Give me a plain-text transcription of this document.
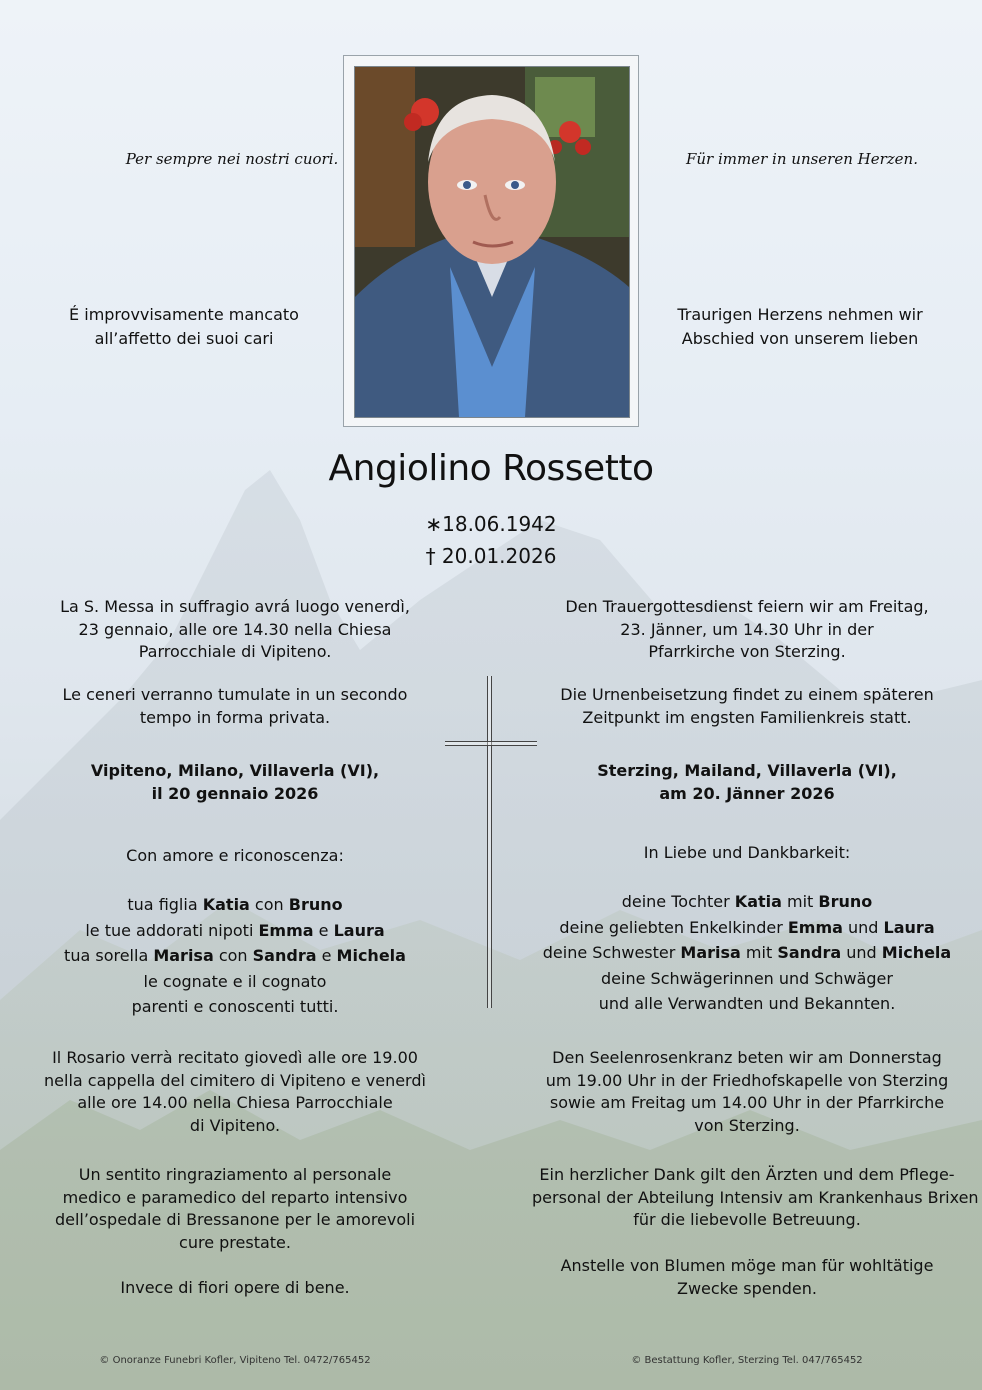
Per sempre nei nostri cuori.	Für immer in unseren Herzen.
É improvvisamente mancato
all’affetto dei suoi cari
Traurigen Herzens nehmen wir
Abschied von unserem lieben
Angiolino Rossetto
∗18.06.1942
† 20.01.2026
La S. Messa in suffragio avrá luogo venerdì,
23 gennaio, alle ore 14.30 nella Chiesa
Parrocchiale di Vipiteno.
Le ceneri verranno tumulate in un secondo
tempo in forma privata.
Vipiteno, Milano, Villaverla (VI),
il 20 gennaio 2026
Con amore e riconoscenza:
tua figlia Katia con Bruno
le tue addorati nipoti Emma e Laura
tua sorella Marisa con Sandra e Michela
le cognate e il cognato
parenti e conoscenti tutti.
Il Rosario verrà recitato giovedì alle ore 19.00
nella cappella del cimitero di Vipiteno e venerdì
alle ore 14.00 nella Chiesa Parrocchiale
di Vipiteno.
Un sentito ringraziamento al personale
medico e paramedico del reparto intensivo
dell’ospedale di Bressanone per le amorevoli
cure prestate.
Invece di fiori opere di bene.
Den Trauergottesdienst feiern wir am Freitag,
23. Jänner, um 14.30 Uhr in der
Pfarrkirche von Sterzing.
Die Urnenbeisetzung findet zu einem späteren
Zeitpunkt im engsten Familienkreis statt.
Sterzing, Mailand, Villaverla (VI),
am 20. Jänner 2026
In Liebe und Dankbarkeit:
deine Tochter Katia mit Bruno
deine geliebten Enkelkinder Emma und Laura
deine Schwester Marisa mit Sandra und Michela
deine Schwägerinnen und Schwäger
und alle Verwandten und Bekannten.
Den Seelenrosenkranz beten wir am Donnerstag
um 19.00 Uhr in der Friedhofskapelle von Sterzing
sowie am Freitag um 14.00 Uhr in der Pfarrkirche
von Sterzing.
Ein herzlicher Dank gilt den Ärzten und dem Pflege-
personal der Abteilung Intensiv am Krankenhaus Brixen
für die liebevolle Betreuung.
Anstelle von Blumen möge man für wohltätige
Zwecke spenden.
© Onoranze Funebri Kofler, Vipiteno Tel. 0472/765452	© Bestattung Kofler, Sterzing Tel. 047/765452
